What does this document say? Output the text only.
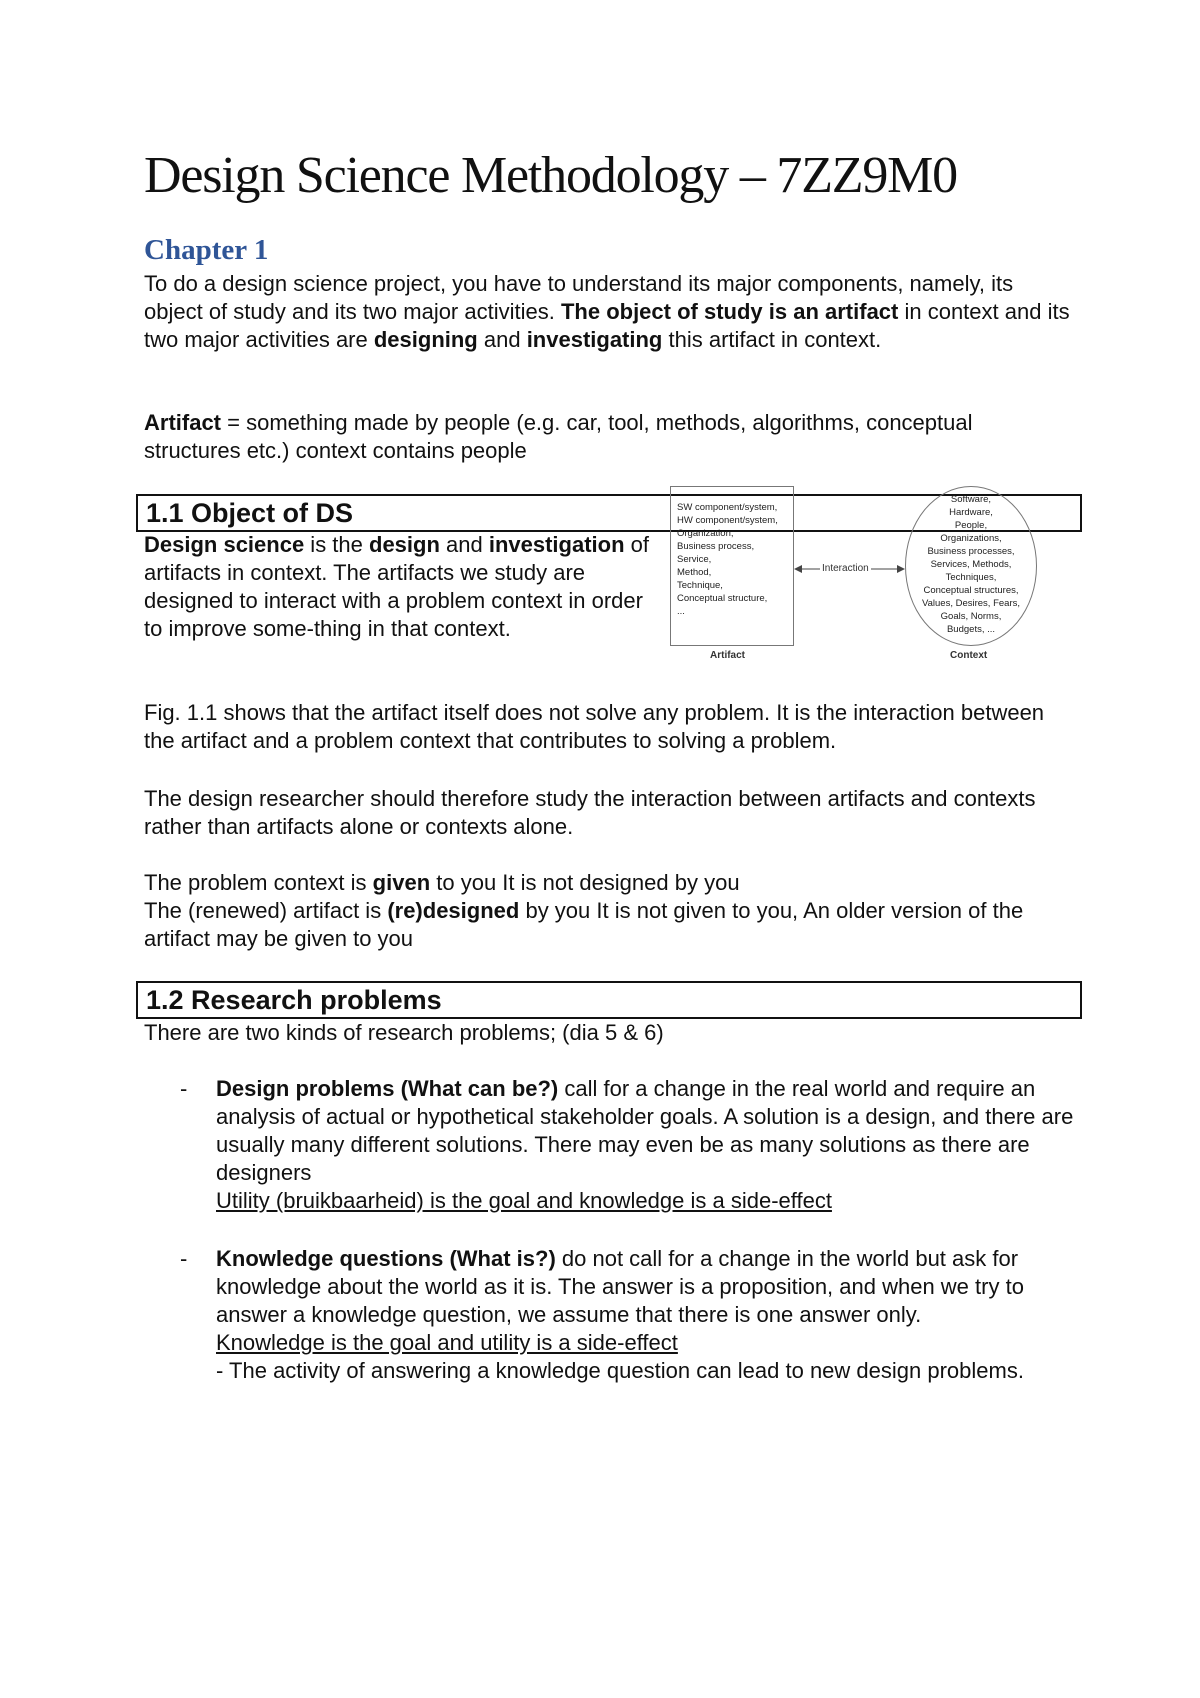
Design Science Methodology – 7ZZ9M0
Chapter 1

To do a design science project, you have to understand its major components, namely, its object of study and its two major activities. The object of study is an artifact in context and its two major activities are designing and investigating this artifact in context.

Artifact = something made by people (e.g. car, tool, methods, algorithms, conceptual structures etc.) context contains people

1.1 Object of DS

Design science is the design and investigation of artifacts in context. The artifacts we study are designed to interact with a problem context in order to improve some-thing in that context.

Fig. 1.1 shows that the artifact itself does not solve any problem. It is the interaction between the artifact and a problem context that contributes to solving a problem.

The design researcher should therefore study the interaction between artifacts and contexts rather than artifacts alone or contexts alone.

The problem context is given to you It is not designed by you

The (renewed) artifact is (re)designed by you It is not given to you, An older version of the artifact may be given to you

1.2 Research problems

There are two kinds of research problems; (dia 5 & 6)

- Design problems (What can be?) call for a change in the real world and require an analysis of actual or hypothetical stakeholder goals. A solution is a design, and there are usually many different solutions. There may even be as many solutions as there are designers
Utility (bruikbaarheid) is the goal and knowledge is a side-effect
- Knowledge questions (What is?) do not call for a change in the world but ask for knowledge about the world as it is. The answer is a proposition, and when we try to answer a knowledge question, we assume that there is one answer only.
Knowledge is the goal and utility is a side-effect
- The activity of answering a knowledge question can lead to new design problems.
SW component/system,
HW component/system,
Organization,
Business process,
Service,
Method,
Technique,
Conceptual structure,
...
Interaction
Software,
Hardware,
People,
Organizations,
Business processes,
Services, Methods,
Techniques,
Conceptual structures,
Values, Desires, Fears,
Goals, Norms,
Budgets, ...
Artifact	Context
